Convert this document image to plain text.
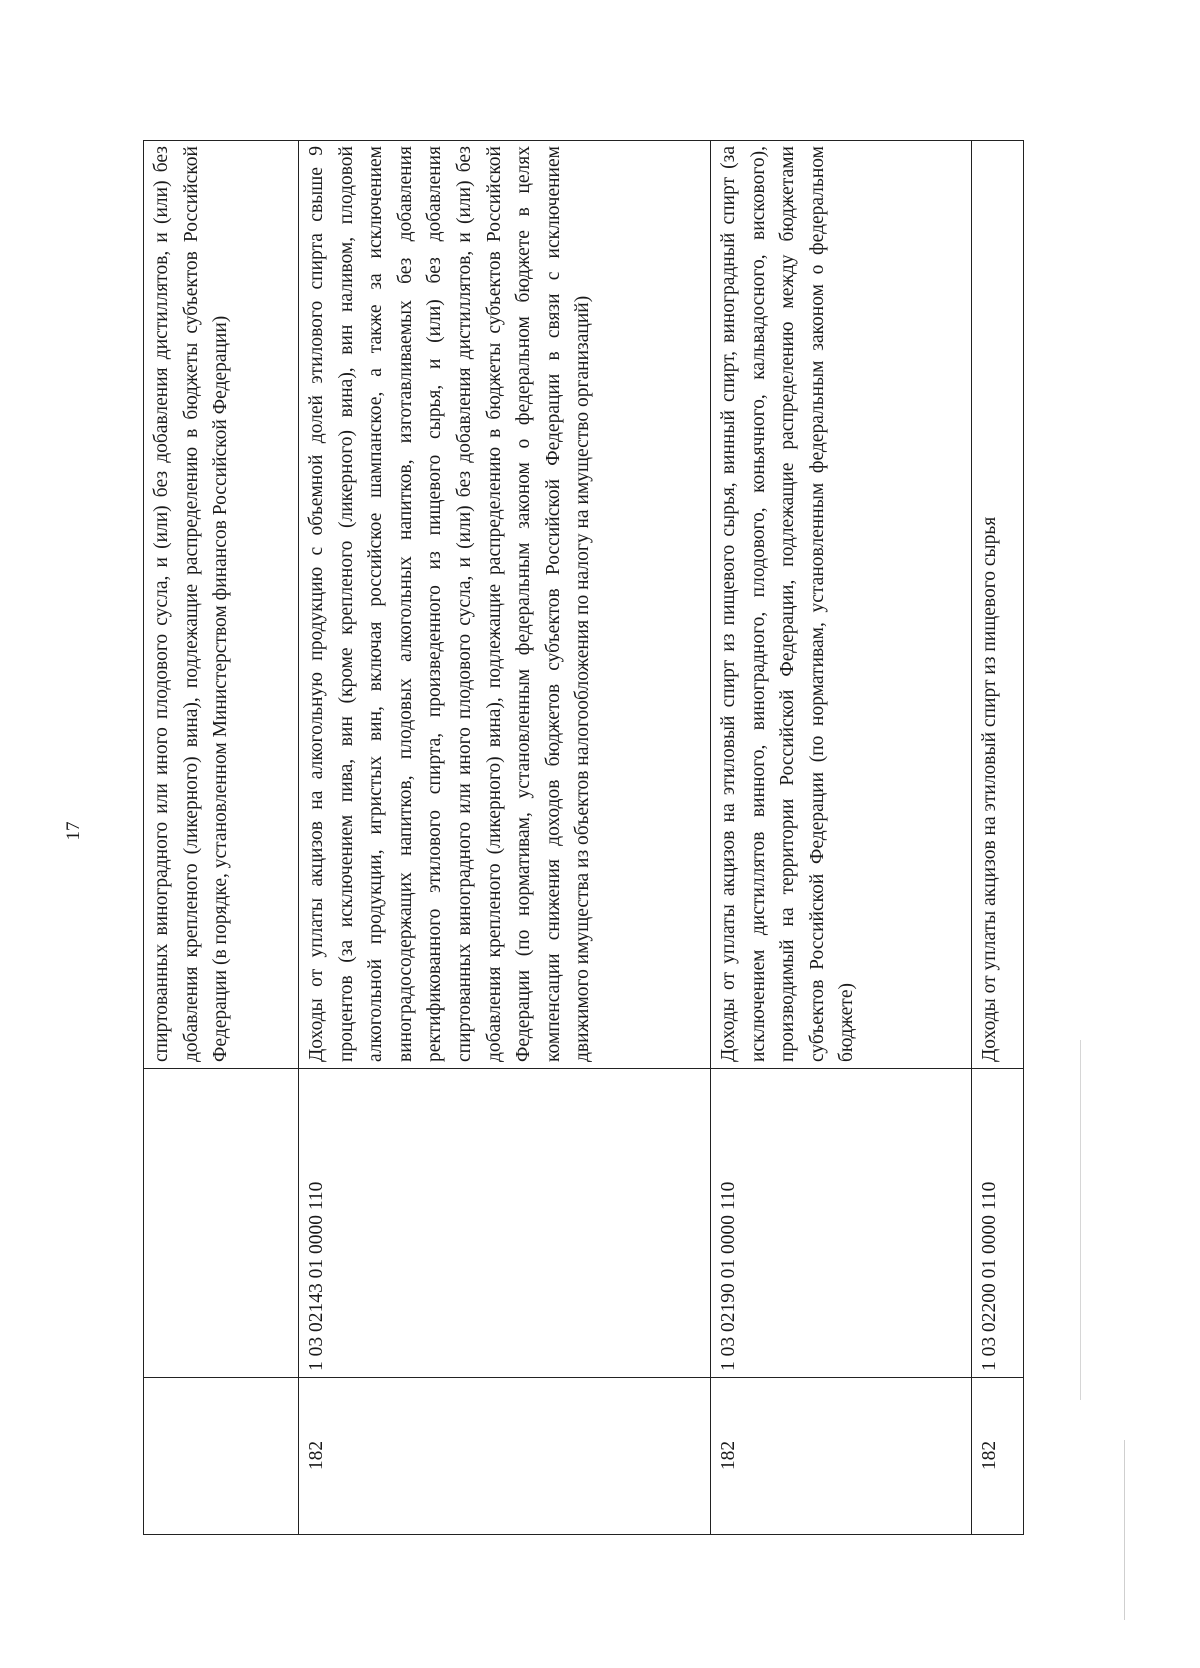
17
			спиртованных виноградного или иного плодового сусла, и (или) без добавления дистиллятов, и (или) без добавления крепленого (ликерного) вина), подлежащие распределению в бюджеты субъектов Российской Федерации (в порядке, установленном Министерством финансов Российской Федерации)
182	1 03 02143 01 0000 110	Доходы от уплаты акцизов на алкогольную продукцию с объемной долей этилового спирта свыше 9 процентов (за исключением пива, вин (кроме крепленого (ликерного) вина), вин наливом, плодовой алкогольной продукции, игристых вин, включая российское шампанское, а также за исключением виноградосодержащих напитков, плодовых алкогольных напитков, изготавливаемых без добавления ректификованного этилового спирта, произведенного из пищевого сырья, и (или) без добавления спиртованных виноградного или иного плодового сусла, и (или) без добавления дистиллятов, и (или) без добавления крепленого (ликерного) вина), подлежащие распределению в бюджеты субъектов Российской Федерации (по нормативам, установленным федеральным законом о федеральном бюджете в целях компенсации снижения доходов бюджетов субъектов Российской Федерации в связи с исключением движимого имущества из объектов налогообложения по налогу на имущество организаций)
182	1 03 02190 01 0000 110	Доходы от уплаты акцизов на этиловый спирт из пищевого сырья, винный спирт, виноградный спирт (за исключением дистиллятов винного, виноградного, плодового, коньячного, кальвадосного, вискового), производимый на территории Российской Федерации, подлежащие распределению между бюджетами субъектов Российской Федерации (по нормативам, установленным федеральным законом о федеральном бюджете)
182	1 03 02200 01 0000 110	Доходы от уплаты акцизов на этиловый спирт из пищевого сырья
